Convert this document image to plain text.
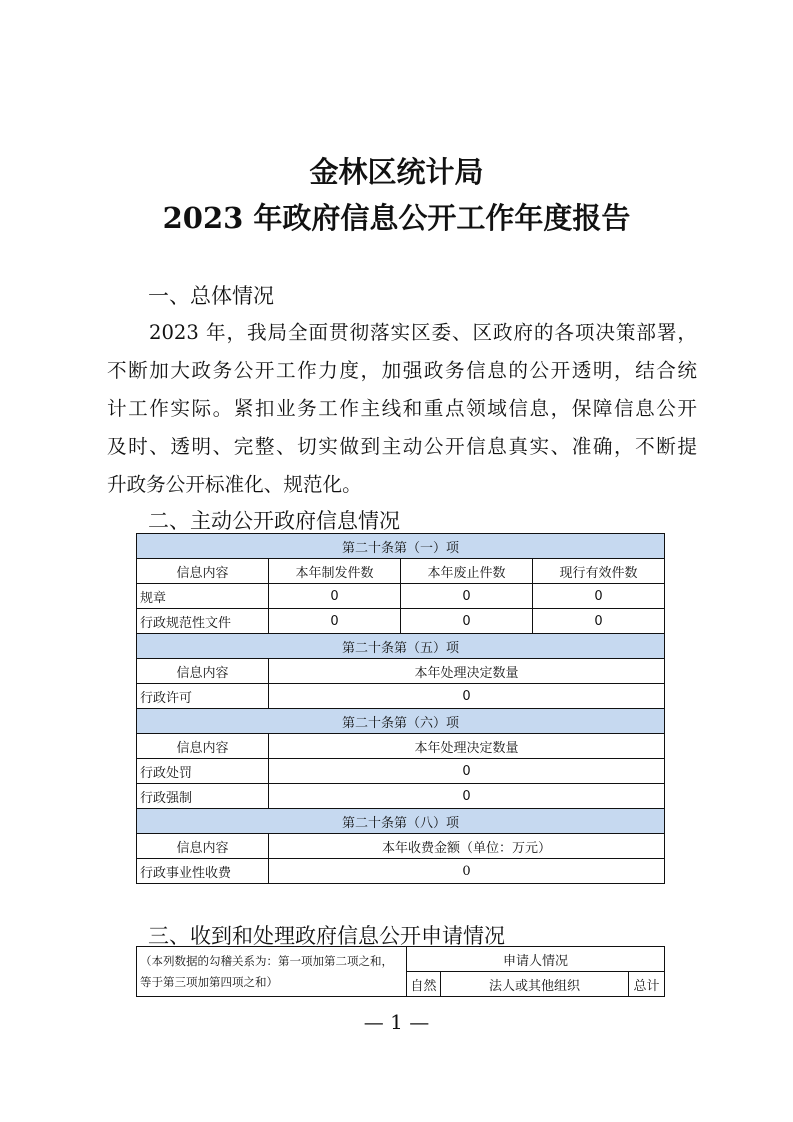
金林区统计局
2023 年政府信息公开工作年度报告
一、总体情况
2023 年，我局全面贯彻落实区委、区政府的各项决策部署，
不断加大政务公开工作力度，加强政务信息的公开透明，结合统
计工作实际。紧扣业务工作主线和重点领域信息，保障信息公开
及时、透明、完整、切实做到主动公开信息真实、准确，不断提
升政务公开标准化、规范化。
二、主动公开政府信息情况
第二十条第（一）项			
信息内容	本年制发件数	本年废止件数	现行有效件数
规章	0	0	0
行政规范性文件	0	0	0
第二十条第（五）项			
信息内容	本年处理决定数量		
行政许可	0		
第二十条第（六）项			
信息内容	本年处理决定数量		
行政处罚	0		
行政强制	0		
第二十条第（八）项			
信息内容	本年收费金额（单位：万元）		
行政事业性收费	0		
三、收到和处理政府信息公开申请情况
（本列数据的勾稽关系为：第一项加第二项之和，等于第三项加第四项之和）	申请人情况		
	自然	法人或其他组织	总计
— 1 —
